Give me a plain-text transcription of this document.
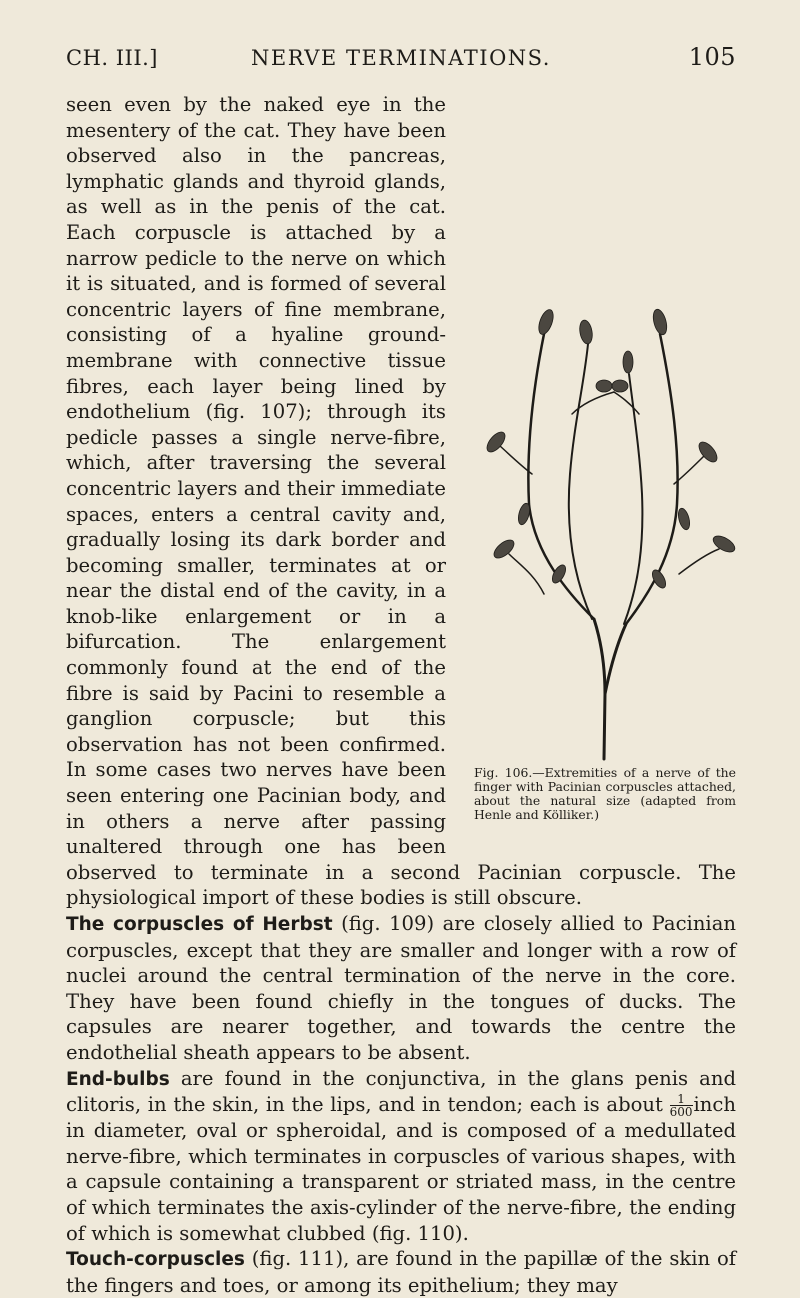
CH. III.]	NERVE TERMINATIONS.	105
Fig. 106.—Extremities of a nerve of the finger with Pacinian corpuscles attached, about the natural size (adapted from Henle and Kölliker.)

seen even by the naked eye in the mesentery of the cat. They have been observed also in the pancreas, lymphatic glands and thyroid glands, as well as in the penis of the cat. Each corpuscle is attached by a narrow pedicle to the nerve on which it is situated, and is formed of several concentric layers of fine membrane, consisting of a hyaline ground-membrane with connective tissue fibres, each layer being lined by endothelium (fig. 107); through its pedicle passes a single nerve-fibre, which, after traversing the several concentric layers and their immediate spaces, enters a central cavity and, gradually losing its dark border and becoming smaller, terminates at or near the distal end of the cavity, in a knob-like enlargement or in a bifurcation. The enlargement commonly found at the end of the fibre is said by Pacini to resemble a ganglion corpuscle; but this observation has not been confirmed. In some cases two nerves have been seen entering one Pacinian body, and in others a nerve after passing unaltered through one has been observed to terminate in a second Pacinian corpuscle. The physiological import of these bodies is still obscure.

The corpuscles of Herbst (fig. 109) are closely allied to Pacinian corpuscles, except that they are smaller and longer with a row of nuclei around the central termination of the nerve in the core. They have been found chiefly in the tongues of ducks. The capsules are nearer together, and towards the centre the endothelial sheath appears to be absent.

End-bulbs are found in the conjunctiva, in the glans penis and clitoris, in the skin, in the lips, and in tendon; each is about $\frac{1}{600}$ inch in diameter, oval or spheroidal, and is composed of a medullated nerve-fibre, which terminates in corpuscles of various shapes, with a capsule containing a transparent or striated mass, in the centre of which terminates the axis-cylinder of the nerve-fibre, the ending of which is somewhat clubbed (fig. 110).

Touch-corpuscles (fig. 111), are found in the papillæ of the skin of the fingers and toes, or among its epithelium; they may
